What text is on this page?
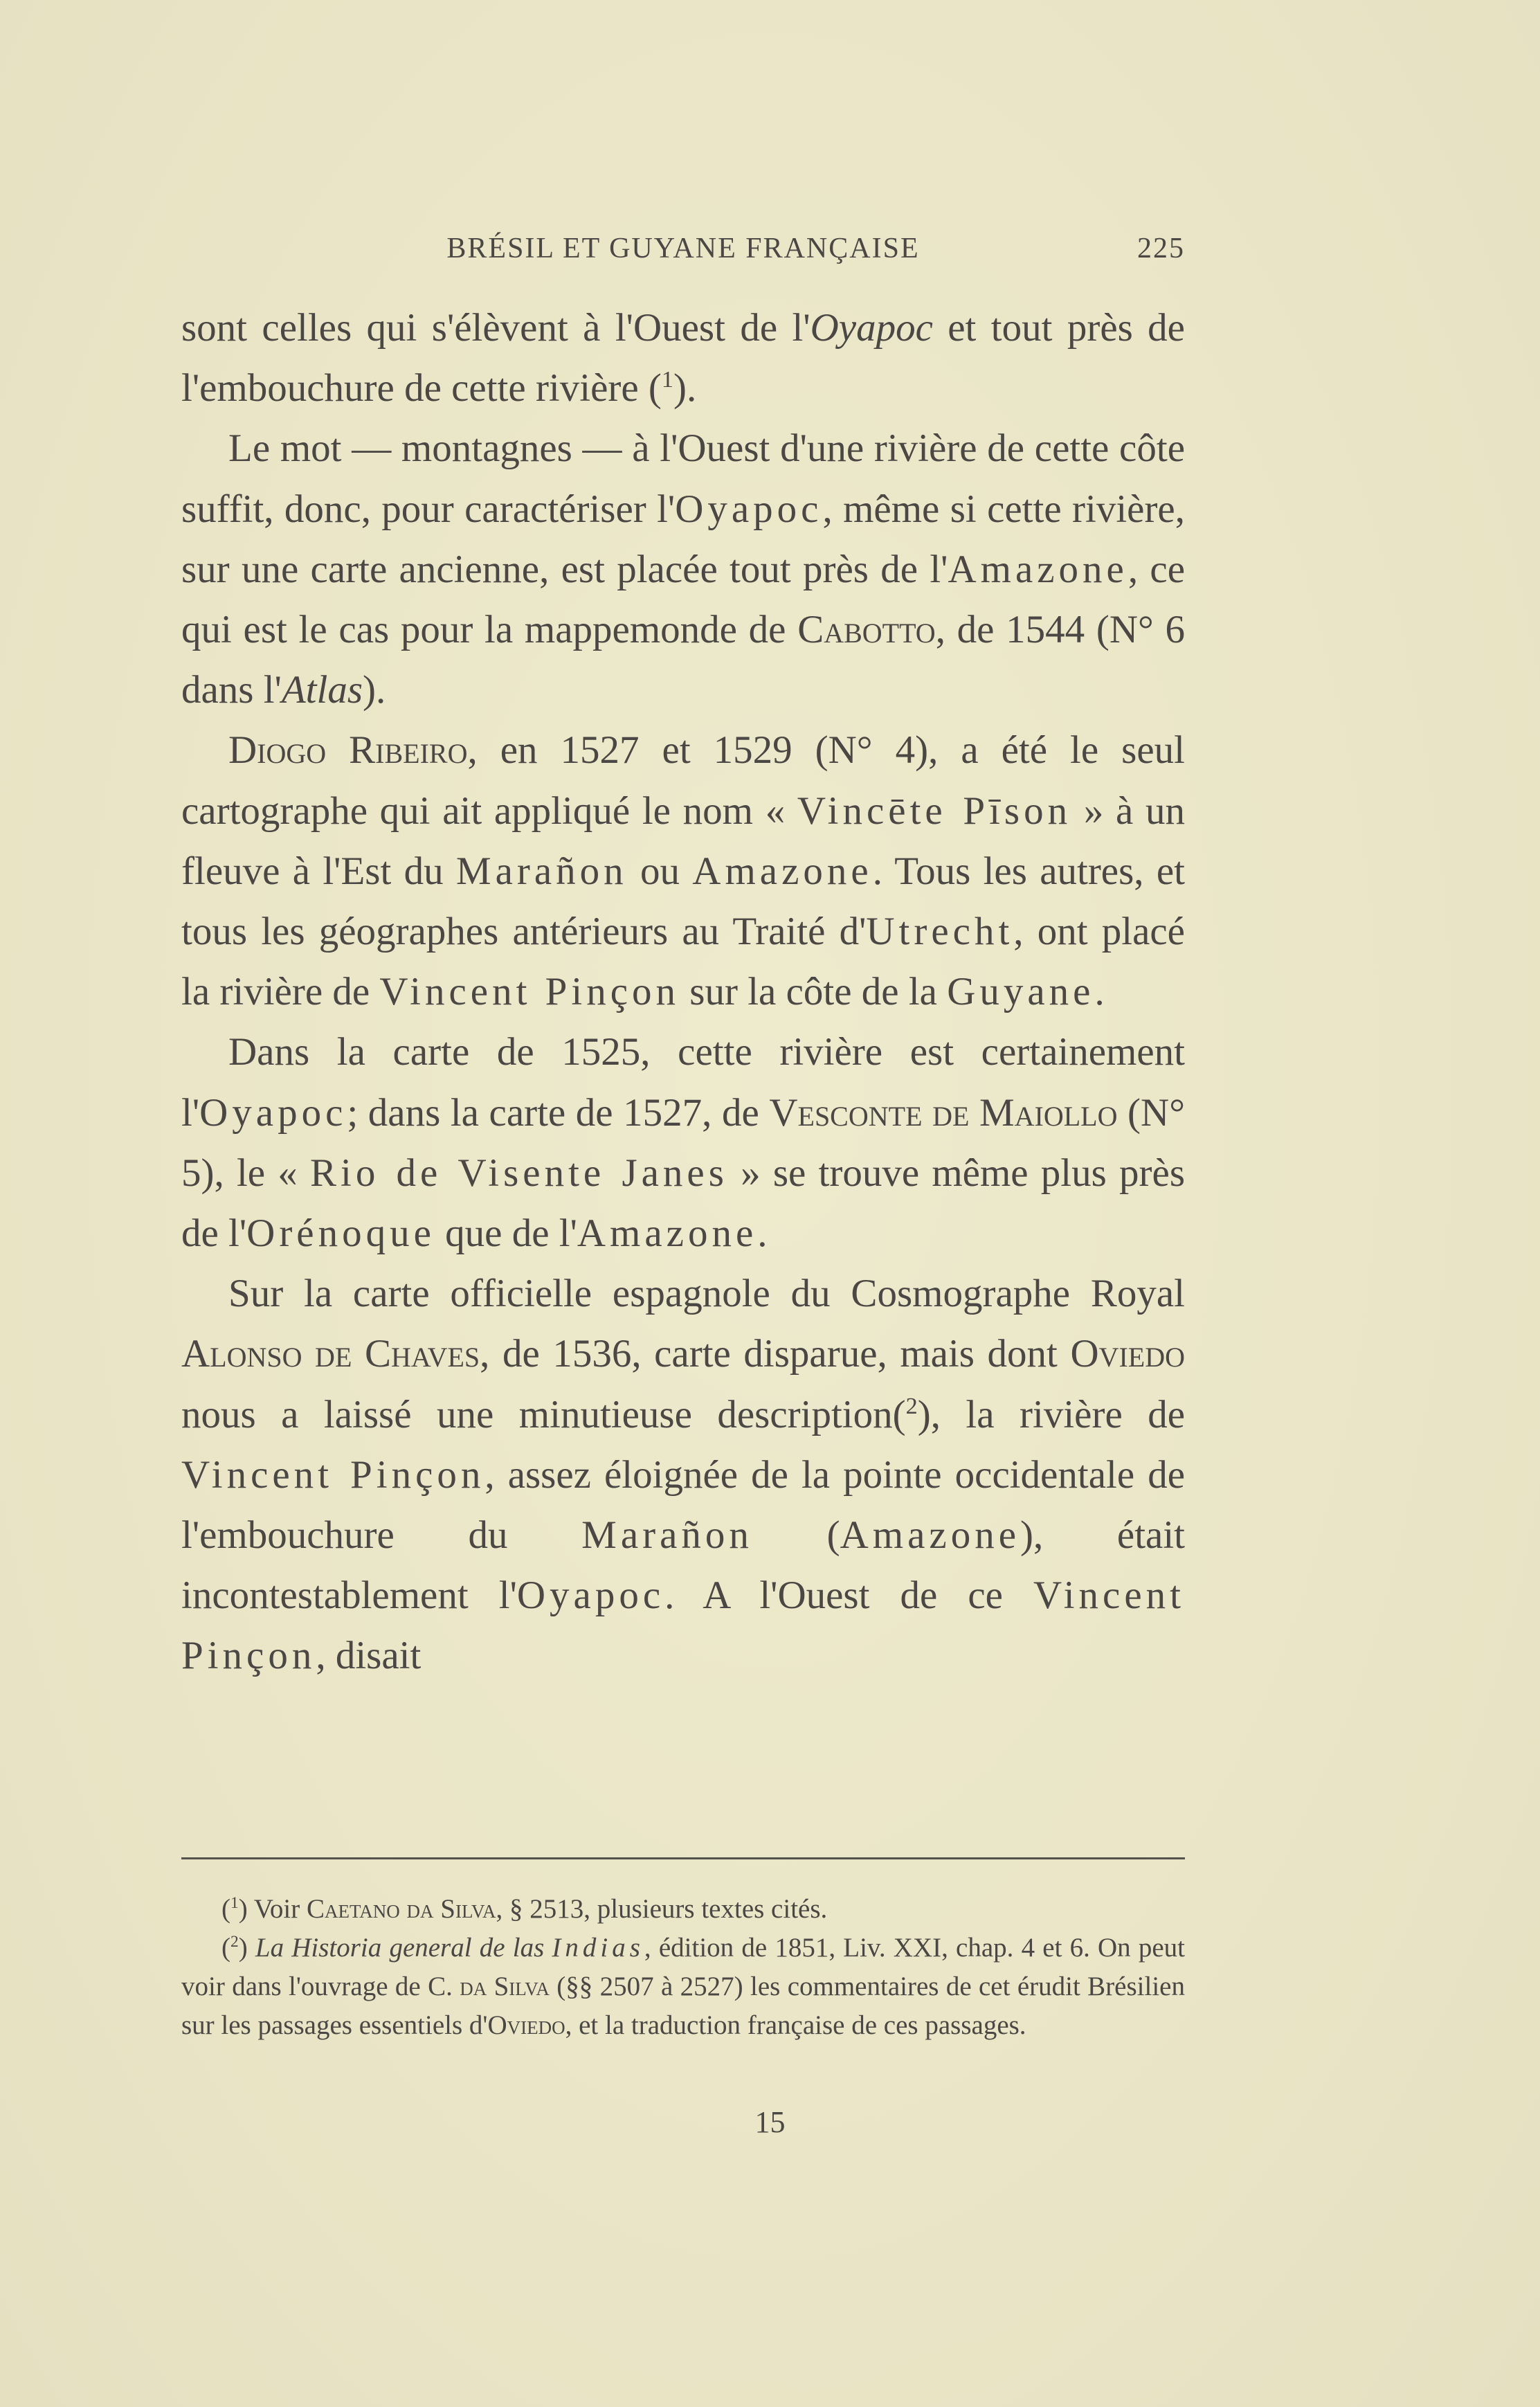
BRÉSIL ET GUYANE FRANÇAISE	225

sont celles qui s'élèvent à l'Ouest de l'Oyapoc et tout près de l'embouchure de cette rivière ($^1$).

Le mot — montagnes — à l'Ouest d'une rivière de cette côte suffit, donc, pour caractériser l'Oyapoc, même si cette rivière, sur une carte ancienne, est placée tout près de l'Amazone, ce qui est le cas pour la mappemonde de Cabotto, de 1544 (N° 6 dans l'Atlas).

Diogo Ribeiro, en 1527 et 1529 (N° 4), a été le seul cartographe qui ait appliqué le nom « Vincēte Pīson » à un fleuve à l'Est du Marañon ou Amazone. Tous les autres, et tous les géographes antérieurs au Traité d'Utrecht, ont placé la rivière de Vincent Pinçon sur la côte de la Guyane.

Dans la carte de 1525, cette rivière est certainement l'Oyapoc; dans la carte de 1527, de Vesconte de Maiollo (N° 5), le « Rio de Visente Janes » se trouve même plus près de l'Orénoque que de l'Amazone.

Sur la carte officielle espagnole du Cosmographe Royal Alonso de Chaves, de 1536, carte disparue, mais dont Oviedo nous a laissé une minutieuse description($^2$), la rivière de Vincent Pinçon, assez éloignée de la pointe occidentale de l'embouchure du Marañon (Amazone), était incontestablement l'Oyapoc. A l'Ouest de ce Vincent Pinçon, disait

($^1$) Voir Caetano da Silva, § 2513, plusieurs textes cités.

($^2$) La Historia general de las Indias, édition de 1851, Liv. XXI, chap. 4 et 6. On peut voir dans l'ouvrage de C. da Silva (§§ 2507 à 2527) les commentaires de cet érudit Brésilien sur les passages essentiels d'Oviedo, et la traduction française de ces passages.

15
